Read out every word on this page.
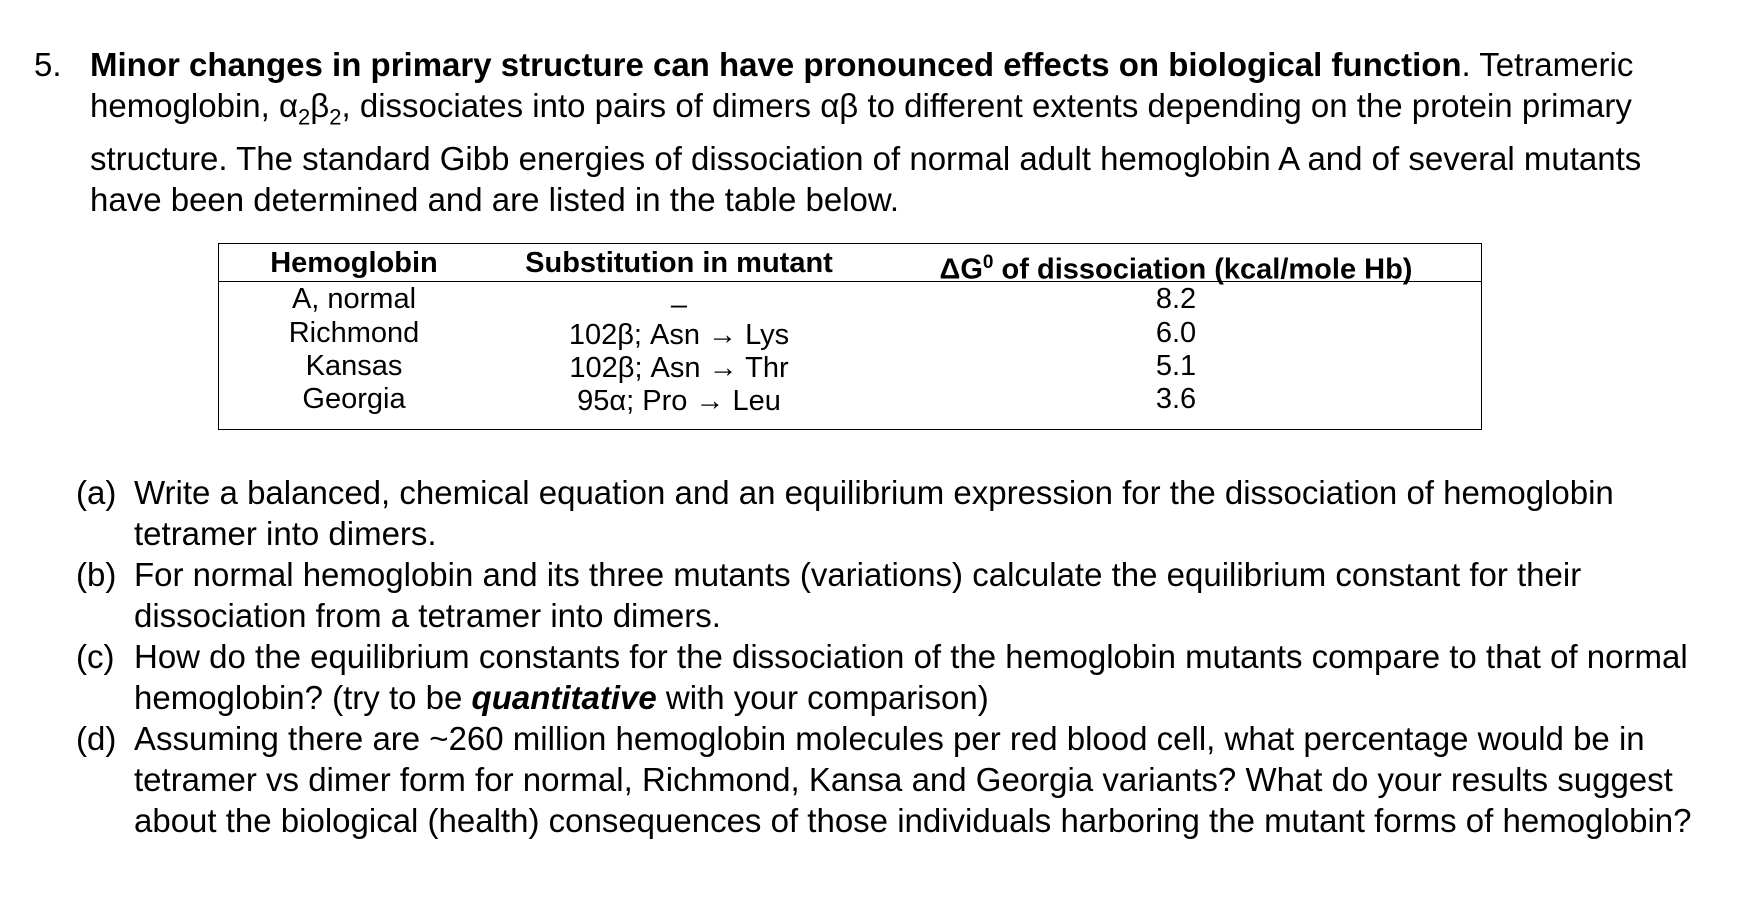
5. Minor changes in primary structure can have pronounced effects on biological function. Tetrameric hemoglobin, $\alpha_2\beta_2$, dissociates into pairs of dimers αβ to different extents depending on the protein primary structure. The standard Gibb energies of dissociation of normal adult hemoglobin A and of several mutants have been determined and are listed in the table below.
Hemoglobin	Substitution in mutant	$\Delta G^0$ of dissociation (kcal/mole Hb)
A, normal	–	8.2
Richmond	102β; Asn → Lys	6.0
Kansas	102β; Asn → Thr	5.1
Georgia	95α; Pro → Leu	3.6
(a) Write a balanced, chemical equation and an equilibrium expression for the dissociation of hemoglobin tetramer into dimers.
(b) For normal hemoglobin and its three mutants (variations) calculate the equilibrium constant for their dissociation from a tetramer into dimers.
(c) How do the equilibrium constants for the dissociation of the hemoglobin mutants compare to that of normal hemoglobin? (try to be quantitative with your comparison)
(d) Assuming there are ~260 million hemoglobin molecules per red blood cell, what percentage would be in tetramer vs dimer form for normal, Richmond, Kansa and Georgia variants? What do your results suggest about the biological (health) consequences of those individuals harboring the mutant forms of hemoglobin?
